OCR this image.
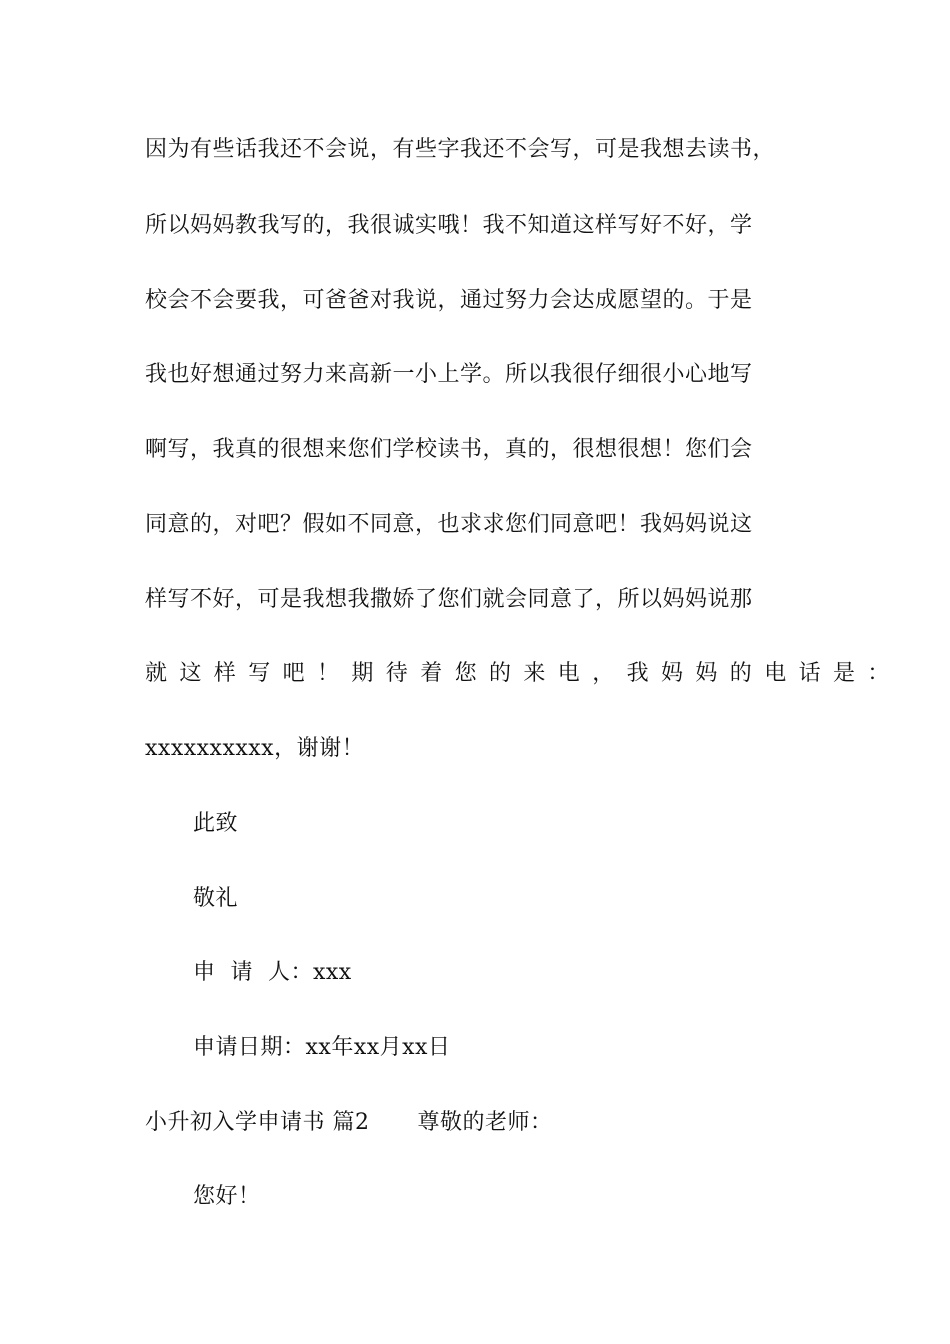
因为有些话我还不会说，有些字我还不会写，可是我想去读书，
所以妈妈教我写的，我很诚实哦！我不知道这样写好不好，学
校会不会要我，可爸爸对我说，通过努力会达成愿望的。于是
我也好想通过努力来高新一小上学。所以我很仔细很小心地写
啊写，我真的很想来您们学校读书，真的，很想很想！您们会
同意的，对吧？假如不同意，也求求您们同意吧！我妈妈说这
样写不好，可是我想我撒娇了您们就会同意了，所以妈妈说那
就这样写吧！期待着您的来电，我妈妈的电话是：
xxxxxxxxxx，谢谢！
此致
敬礼
申  请  人：xxx
申请日期：xx年xx月xx日
小升初入学申请书 篇2 尊敬的老师：
您好！
